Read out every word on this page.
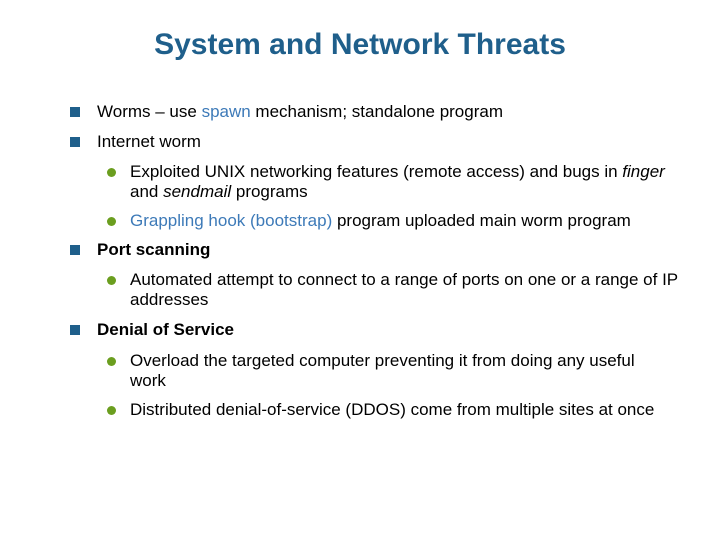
System and Network Threats
Worms – use spawn mechanism; standalone program
Internet worm
Exploited UNIX networking features (remote access) and bugs in finger
and sendmail programs
Grappling hook (bootstrap) program uploaded main worm program
Port scanning
Automated attempt to connect to a range of ports on one or a range of IP addresses
Denial of Service
Overload the targeted computer preventing it from doing any useful work
Distributed denial-of-service (DDOS) come from multiple sites at once
